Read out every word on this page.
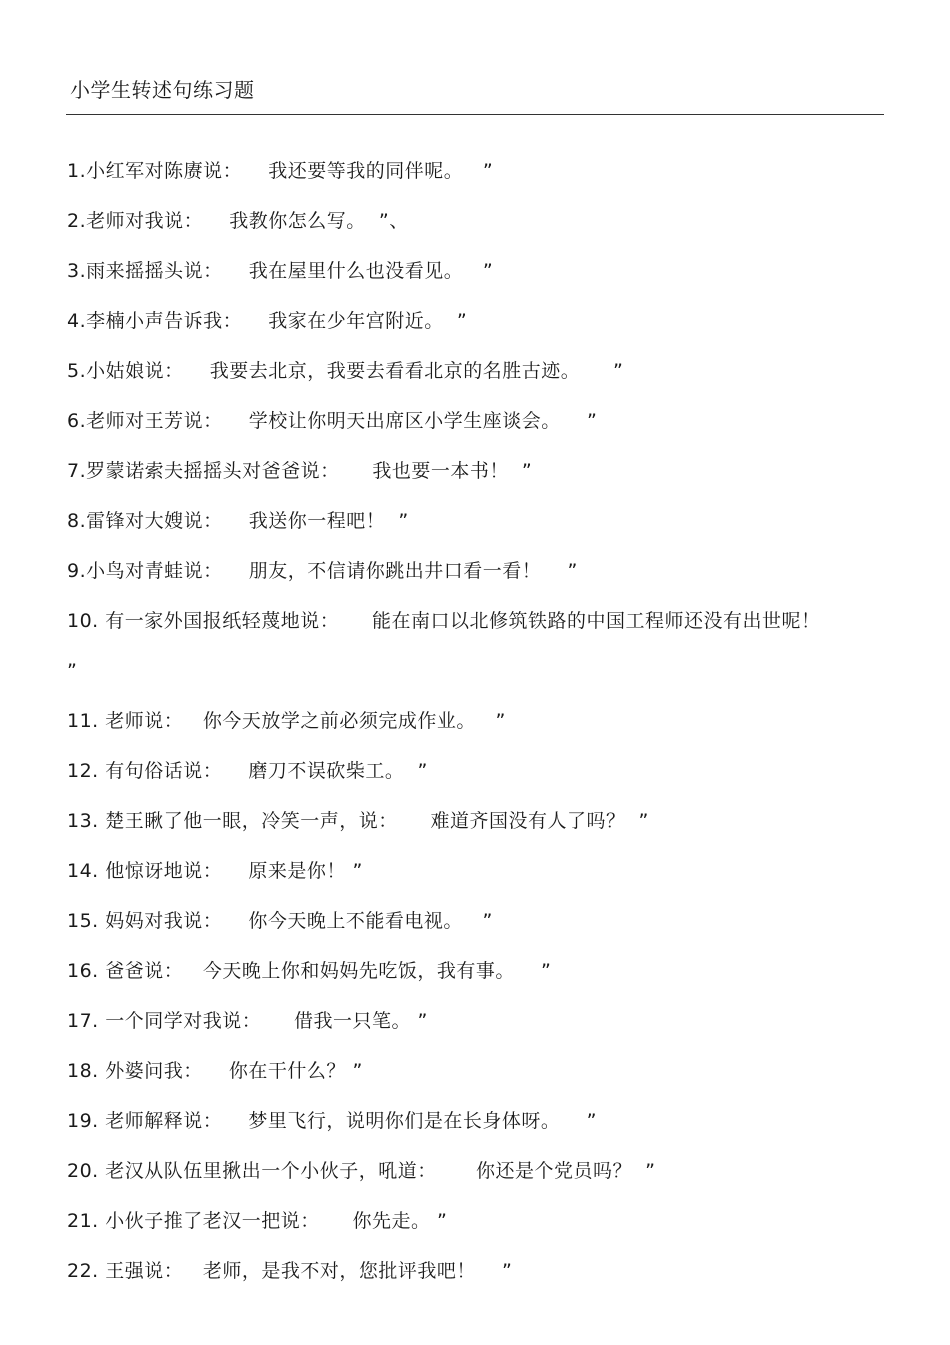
小学生转述句练习题
1.小红军对陈赓说：    我还要等我的同伴呢。   ”
2.老师对我说：    我教你怎么写。  ”、
3.雨来摇摇头说：    我在屋里什么也没看见。   ”
4.李楠小声告诉我：    我家在少年宫附近。  ”
5.小姑娘说：    我要去北京，我要去看看北京的名胜古迹。     ”
6.老师对王芳说：    学校让你明天出席区小学生座谈会。    ”
7.罗蒙诺索夫摇摇头对爸爸说：     我也要一本书！  ”
8.雷锋对大嫂说：    我送你一程吧！  ”
9.小鸟对青蛙说：    朋友，不信请你跳出井口看一看！    ”
10. 有一家外国报纸轻蔑地说：     能在南口以北修筑铁路的中国工程师还没有出世呢！ ”
11. 老师说：   你今天放学之前必须完成作业。   ”
12. 有句俗话说：    磨刀不误砍柴工。  ”
13. 楚王瞅了他一眼，冷笑一声，说：     难道齐国没有人了吗？  ”
14. 他惊讶地说：    原来是你！ ”
15. 妈妈对我说：    你今天晚上不能看电视。   ”
16. 爸爸说：   今天晚上你和妈妈先吃饭，我有事。    ”
17. 一个同学对我说：     借我一只笔。 ”
18. 外婆问我：    你在干什么？ ”
19. 老师解释说：    梦里飞行，说明你们是在长身体呀。    ”
20. 老汉从队伍里揪出一个小伙子，吼道：      你还是个党员吗？  ”
21. 小伙子推了老汉一把说：     你先走。 ”
22. 王强说：   老师，是我不对，您批评我吧！    ”
